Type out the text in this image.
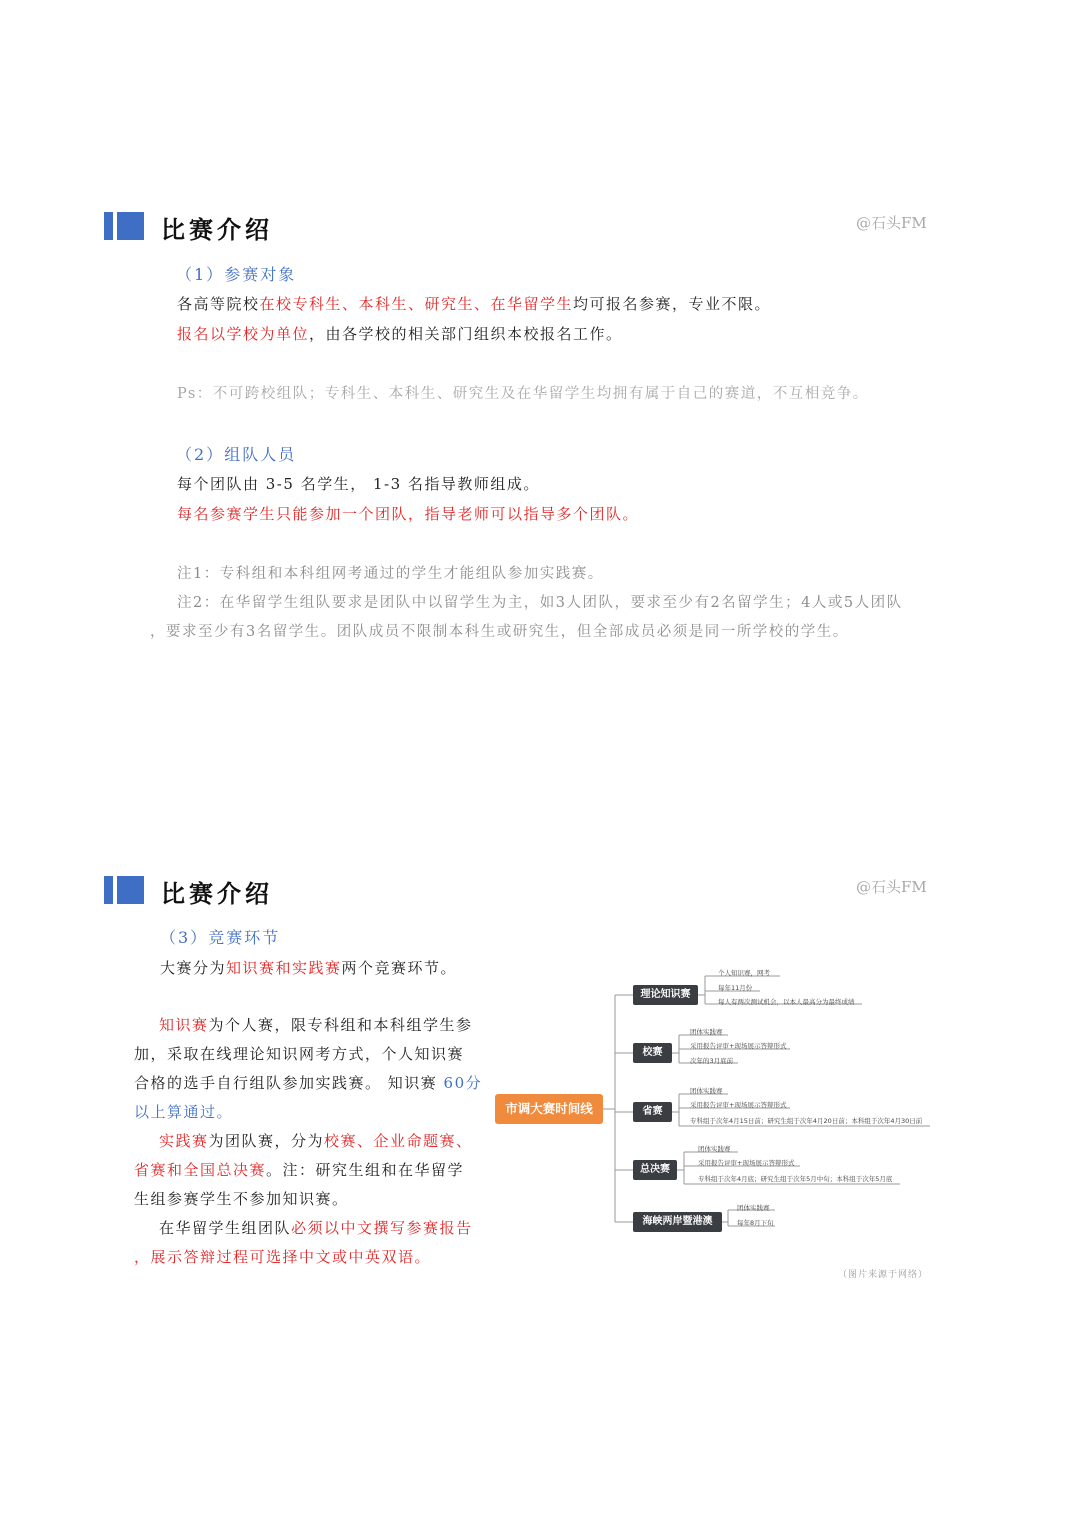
比赛介绍	@石头FM
（1）参赛对象
各高等院校在校专科生、本科生、研究生、在华留学生均可报名参赛，专业不限。
报名以学校为单位，由各学校的相关部门组织本校报名工作。
Ps：不可跨校组队；专科生、本科生、研究生及在华留学生均拥有属于自己的赛道，不互相竞争。
（2）组队人员
每个团队由 3-5 名学生， 1-3 名指导教师组成。
每名参赛学生只能参加一个团队，指导老师可以指导多个团队。
注1：专科组和本科组网考通过的学生才能组队参加实践赛。
注2：在华留学生组队要求是团队中以留学生为主，如3人团队，要求至少有2名留学生；4人或5人团队
，要求至少有3名留学生。团队成员不限制本科生或研究生，但全部成员必须是同一所学校的学生。
比赛介绍	@石头FM
（3）竞赛环节
大赛分为知识赛和实践赛两个竞赛环节。
知识赛为个人赛，限专科组和本科组学生参
加，采取在线理论知识网考方式，个人知识赛
合格的选手自行组队参加实践赛。 知识赛 60分
以上算通过。
实践赛为团队赛，分为校赛、企业命题赛、
省赛和全国总决赛。注：研究生组和在华留学
生组参赛学生不参加知识赛。
在华留学生组团队必须以中文撰写参赛报告
，展示答辩过程可选择中文或中英双语。
市调大赛时间线
理论知识赛
校赛
省赛
总决赛
海峡两岸暨港澳
个人知识赛，网考
每年11月份
每人有两次测试机会，以本人最高分为最终成绩
团体实践赛
采用报告评审+现场展示答辩形式
次年的3月底前
团体实践赛
采用报告评审+现场展示答辩形式
专科组于次年4月15日前；研究生组于次年4月20日前；本科组于次年4月30日前
团体实践赛
采用报告评审+现场展示答辩形式
专科组于次年4月底；研究生组于次年5月中旬；本科组于次年5月底
团体实践赛
每年8月下旬
（图片来源于网络）
